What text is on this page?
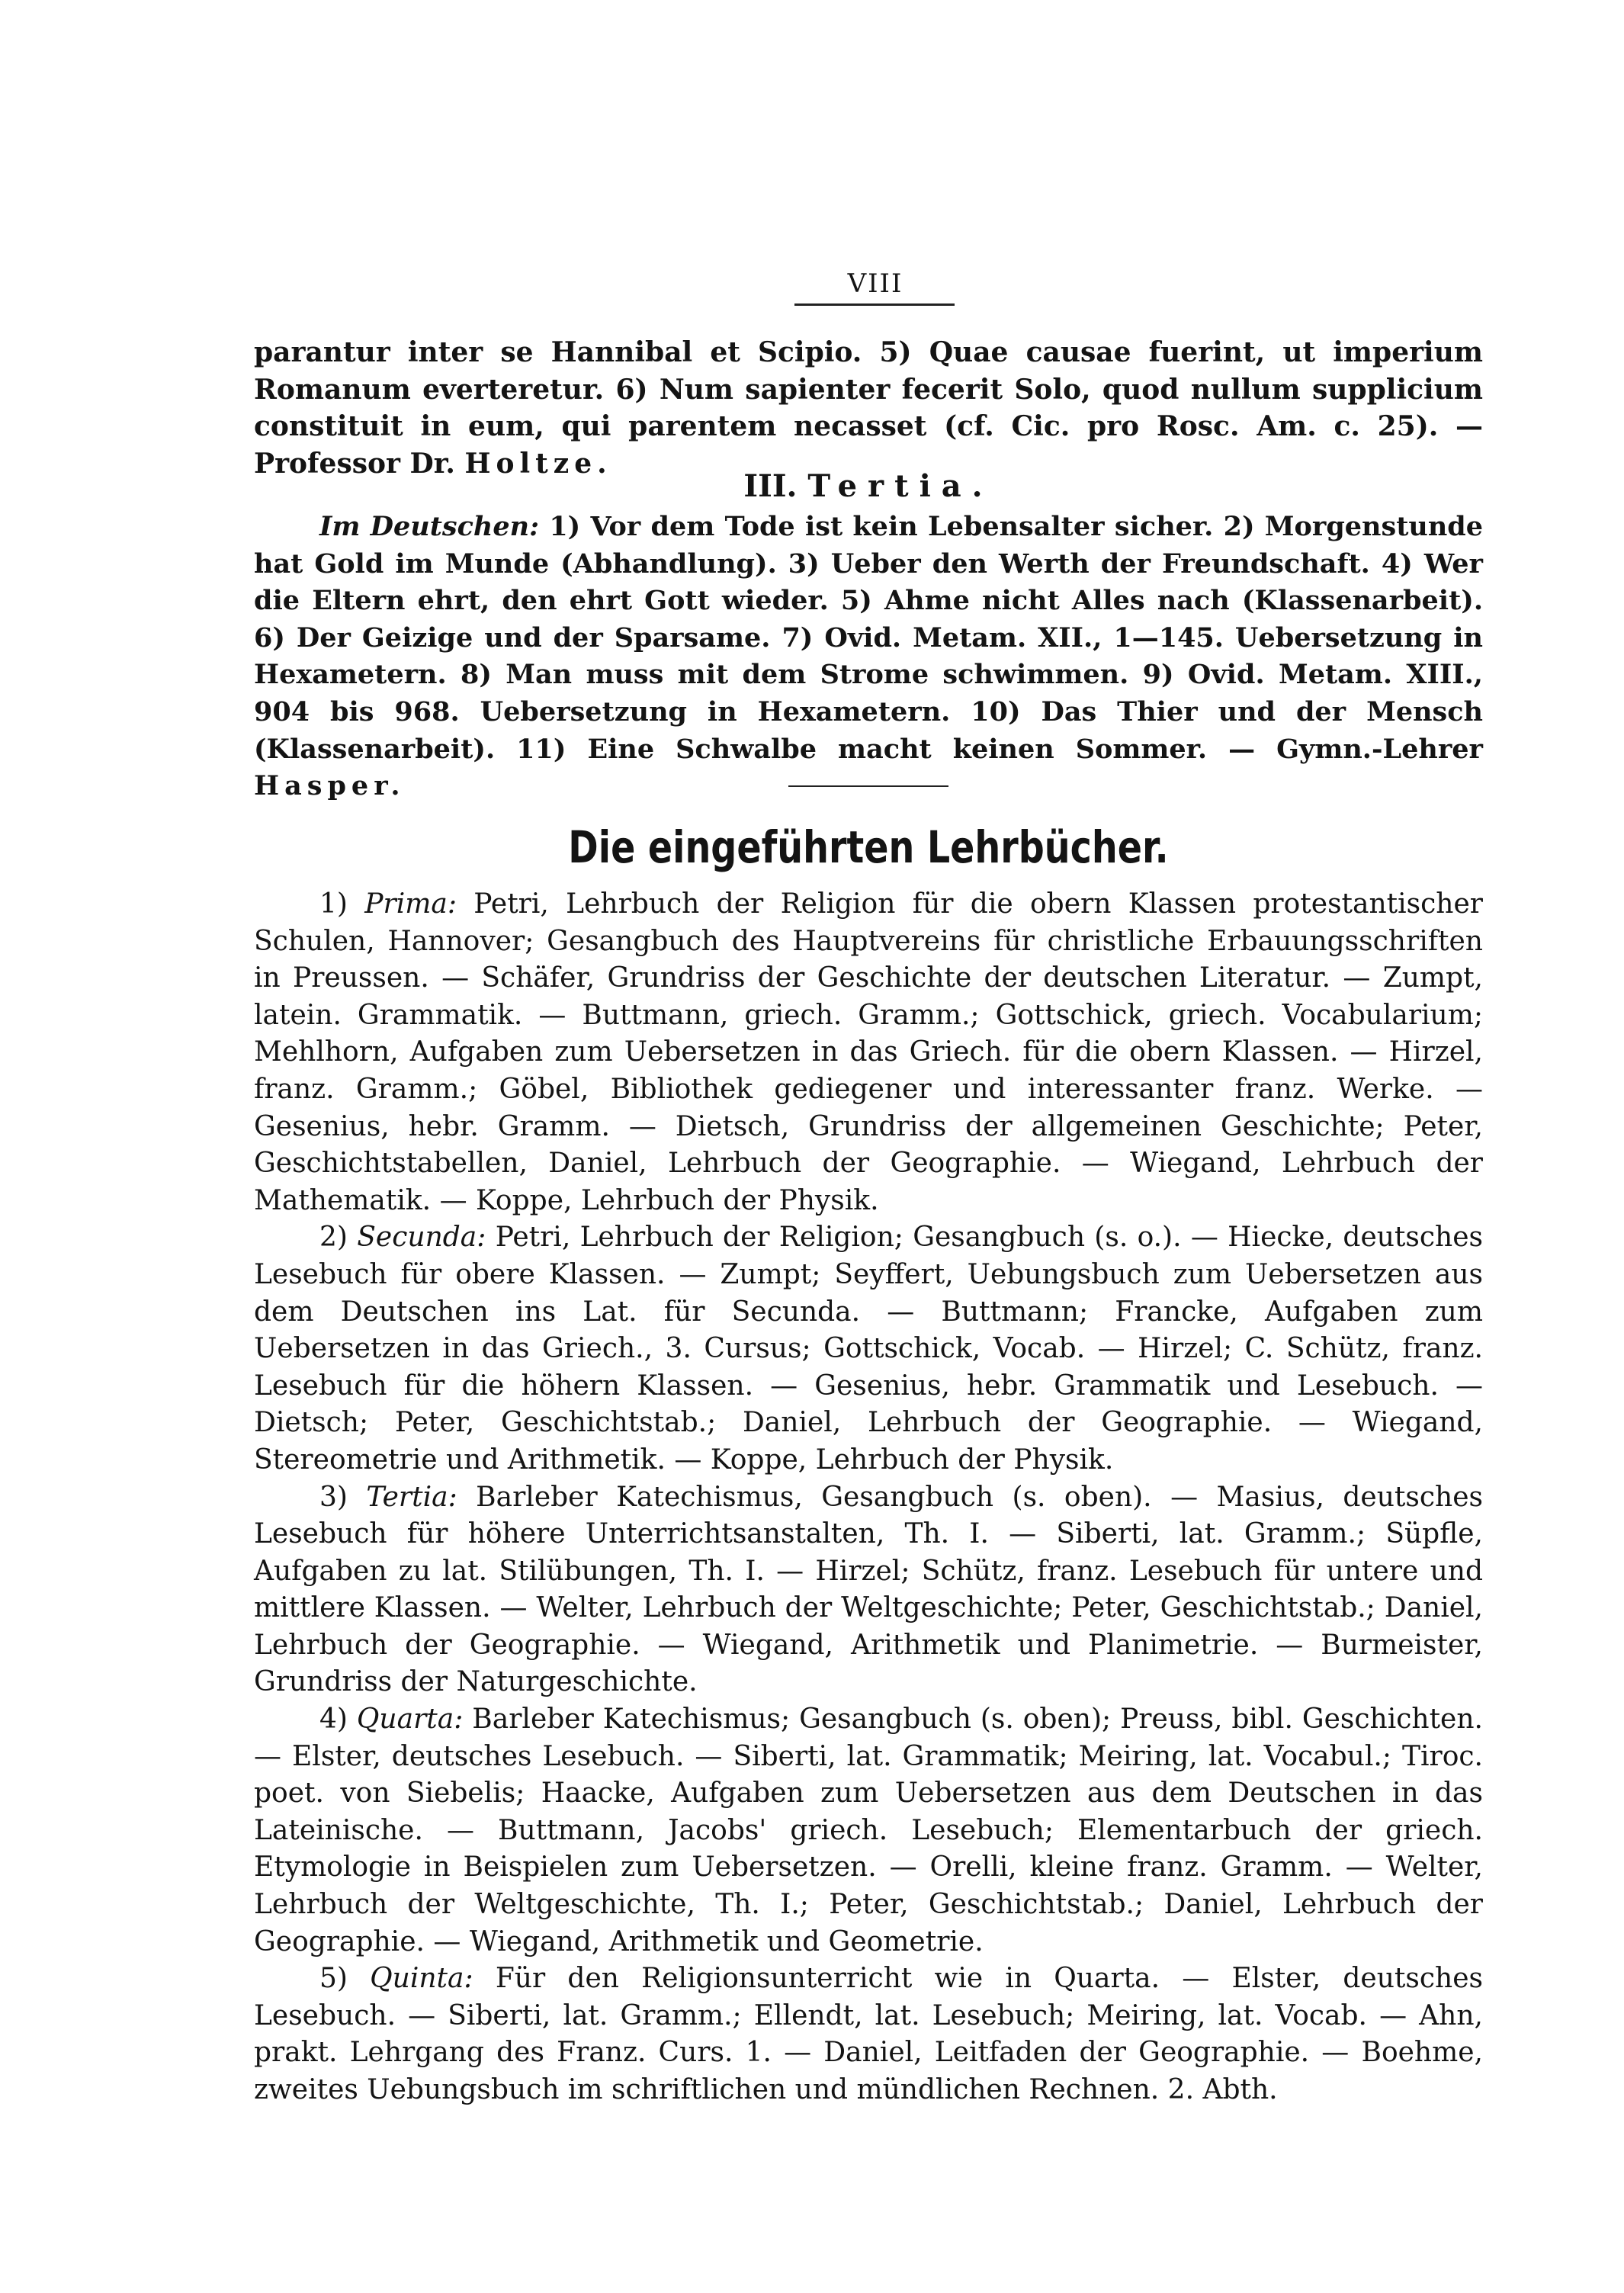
VIII

parantur inter se Hannibal et Scipio. 5) Quae causae fuerint, ut imperium Romanum everteretur. 6) Num sapienter fecerit Solo, quod nullum supplicium constituit in eum, qui parentem necasset (cf. Cic. pro Rosc. Am. c. 25). — Professor Dr. Holtze.

III. Tertia.

Im Deutschen: 1) Vor dem Tode ist kein Lebensalter sicher. 2) Morgenstunde hat Gold im Munde (Abhandlung). 3) Ueber den Werth der Freundschaft. 4) Wer die Eltern ehrt, den ehrt Gott wieder. 5) Ahme nicht Alles nach (Klassenarbeit). 6) Der Geizige und der Sparsame. 7) Ovid. Metam. XII., 1—145. Uebersetzung in Hexametern. 8) Man muss mit dem Strome schwimmen. 9) Ovid. Metam. XIII., 904 bis 968. Uebersetzung in Hexametern. 10) Das Thier und der Mensch (Klassenarbeit). 11) Eine Schwalbe macht keinen Sommer. — Gymn.-Lehrer Hasper.

Die eingeführten Lehrbücher.

1) Prima: Petri, Lehrbuch der Religion für die obern Klassen protestantischer Schulen, Hannover; Gesangbuch des Hauptvereins für christliche Erbauungsschriften in Preussen. — Schäfer, Grundriss der Geschichte der deutschen Literatur. — Zumpt, latein. Grammatik. — Buttmann, griech. Gramm.; Gottschick, griech. Vocabularium; Mehlhorn, Aufgaben zum Uebersetzen in das Griech. für die obern Klassen. — Hirzel, franz. Gramm.; Göbel, Bibliothek gediegener und interessanter franz. Werke. — Gesenius, hebr. Gramm. — Dietsch, Grundriss der allgemeinen Geschichte; Peter, Geschichtstabellen, Daniel, Lehrbuch der Geographie. — Wiegand, Lehrbuch der Mathematik. — Koppe, Lehrbuch der Physik.

2) Secunda: Petri, Lehrbuch der Religion; Gesangbuch (s. o.). — Hiecke, deutsches Lesebuch für obere Klassen. — Zumpt; Seyffert, Uebungsbuch zum Uebersetzen aus dem Deutschen ins Lat. für Secunda. — Buttmann; Francke, Aufgaben zum Uebersetzen in das Griech., 3. Cursus; Gottschick, Vocab. — Hirzel; C. Schütz, franz. Lesebuch für die höhern Klassen. — Gesenius, hebr. Grammatik und Lesebuch. — Dietsch; Peter, Geschichtstab.; Daniel, Lehrbuch der Geographie. — Wiegand, Stereometrie und Arithmetik. — Koppe, Lehrbuch der Physik.

3) Tertia: Barleber Katechismus, Gesangbuch (s. oben). — Masius, deutsches Lesebuch für höhere Unterrichtsanstalten, Th. I. — Siberti, lat. Gramm.; Süpfle, Aufgaben zu lat. Stilübungen, Th. I. — Hirzel; Schütz, franz. Lesebuch für untere und mittlere Klassen. — Welter, Lehrbuch der Weltgeschichte; Peter, Geschichtstab.; Daniel, Lehrbuch der Geographie. — Wiegand, Arithmetik und Planimetrie. — Burmeister, Grundriss der Naturgeschichte.

4) Quarta: Barleber Katechismus; Gesangbuch (s. oben); Preuss, bibl. Geschichten. — Elster, deutsches Lesebuch. — Siberti, lat. Grammatik; Meiring, lat. Vocabul.; Tiroc. poet. von Siebelis; Haacke, Aufgaben zum Uebersetzen aus dem Deutschen in das Lateinische. — Buttmann, Jacobs' griech. Lesebuch; Elementarbuch der griech. Etymologie in Beispielen zum Uebersetzen. — Orelli, kleine franz. Gramm. — Welter, Lehrbuch der Weltgeschichte, Th. I.; Peter, Geschichtstab.; Daniel, Lehrbuch der Geographie. — Wiegand, Arithmetik und Geometrie.

5) Quinta: Für den Religionsunterricht wie in Quarta. — Elster, deutsches Lesebuch. — Siberti, lat. Gramm.; Ellendt, lat. Lesebuch; Meiring, lat. Vocab. — Ahn, prakt. Lehrgang des Franz. Curs. 1. — Daniel, Leitfaden der Geographie. — Boehme, zweites Uebungsbuch im schriftlichen und mündlichen Rechnen. 2. Abth.
